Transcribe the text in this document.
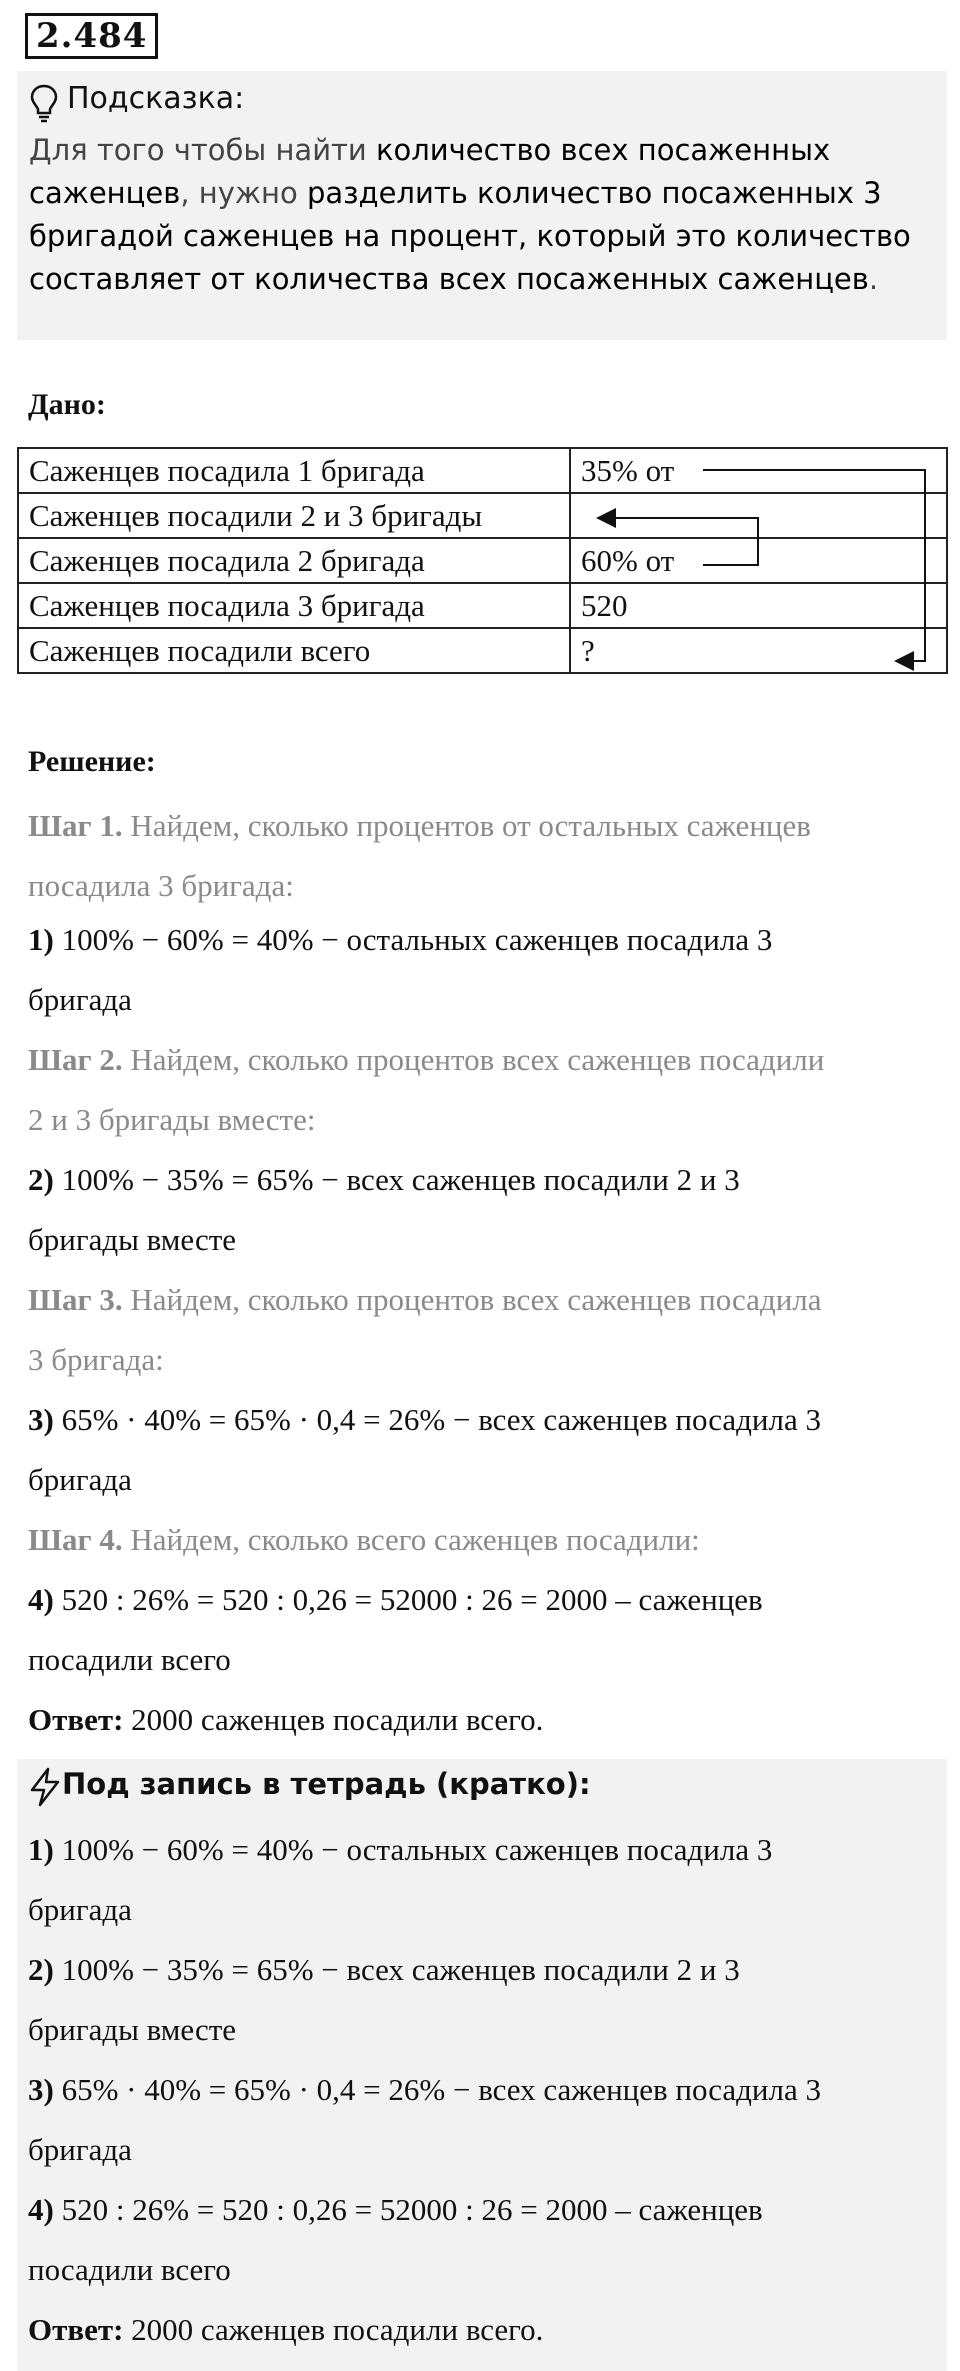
2.484
Подсказка:
Для того чтобы найти количество всех посаженных саженцев, нужно разделить количество посаженных 3 бригадой саженцев на процент, который это количество составляет от количества всех посаженных саженцев.
Дано:
Саженцев посадила 1 бригада	35% от
Саженцев посадили 2 и 3 бригады	
Саженцев посадила 2 бригада	60% от
Саженцев посадила 3 бригада	520
Саженцев посадили всего	?
Решение:
Шаг 1. Найдем, сколько процентов от остальных саженцев
посадила 3 бригада:
1) 100% − 60% = 40% − остальных саженцев посадила 3
бригада
Шаг 2. Найдем, сколько процентов всех саженцев посадили
2 и 3 бригады вместе:
2) 100% − 35% = 65% − всех саженцев посадили 2 и 3
бригады вместе
Шаг 3. Найдем, сколько процентов всех саженцев посадила
3 бригада:
3) 65% · 40% = 65% · 0,4 = 26% − всех саженцев посадила 3
бригада
Шаг 4. Найдем, сколько всего саженцев посадили:
4) 520 : 26% = 520 : 0,26 = 52000 : 26 = 2000 – саженцев
посадили всего
Ответ: 2000 саженцев посадили всего.
Под запись в тетрадь (кратко):
1) 100% − 60% = 40% − остальных саженцев посадила 3
бригада
2) 100% − 35% = 65% − всех саженцев посадили 2 и 3
бригады вместе
3) 65% · 40% = 65% · 0,4 = 26% − всех саженцев посадила 3
бригада
4) 520 : 26% = 520 : 0,26 = 52000 : 26 = 2000 – саженцев
посадили всего
Ответ: 2000 саженцев посадили всего.
